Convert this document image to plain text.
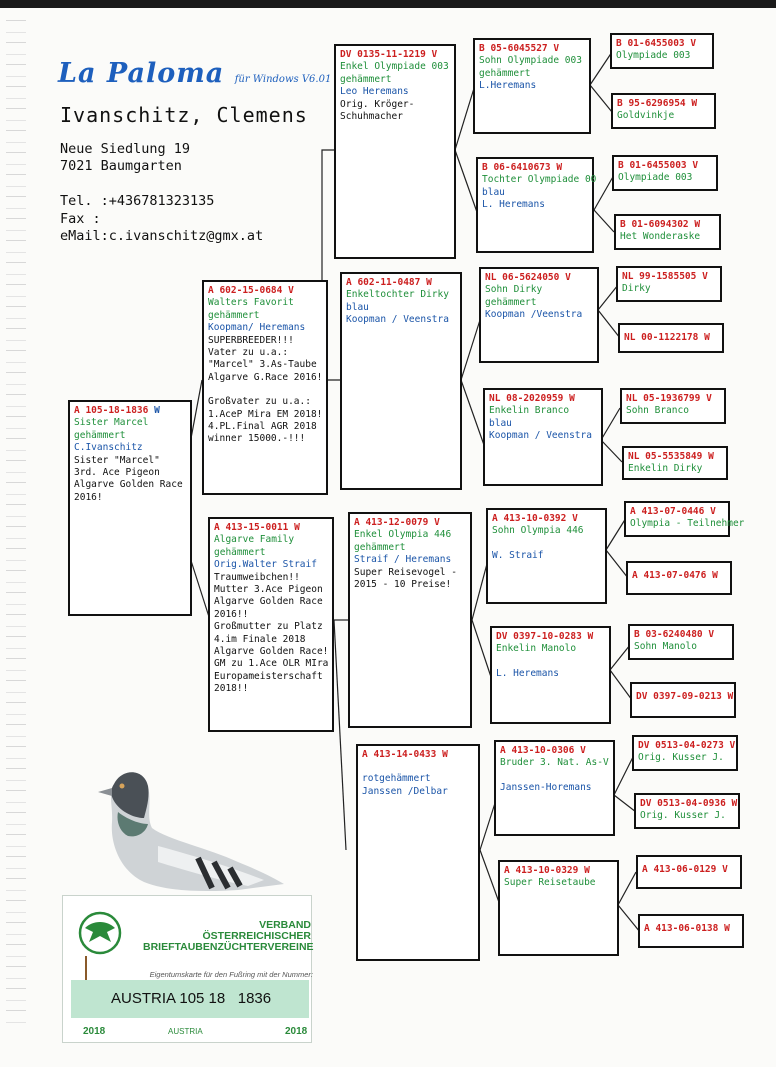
La Paloma für Windows V6.01
Ivanschitz, Clemens
Neue Siedlung 19
7021 Baumgarten
Tel. :+436781323135
Fax :
eMail:c.ivanschitz@gmx.at
A 105-18-1836 W
Sister Marcel
gehämmert
C.Ivanschitz
Sister "Marcel"
3rd. Ace Pigeon
Algarve Golden Race
2016!
A 602-15-0684 V
Walters Favorit
gehämmert
Koopman/ Heremans
SUPERBREEDER!!!
Vater zu u.a.:
"Marcel" 3.As-Taube
Algarve G.Race 2016!
Großvater zu u.a.:
1.AceP Mira EM 2018!
4.PL.Final AGR 2018
winner 15000.-!!!
A 413-15-0011 W
Algarve Family
gehämmert
Orig.Walter Straif
Traumweibchen!!
Mutter 3.Ace Pigeon
Algarve Golden Race
2016!!
Großmutter zu Platz
4.im Finale 2018
Algarve Golden Race!
GM zu 1.Ace OLR MIra
Europameisterschaft
2018!!
DV 0135-11-1219 V
Enkel Olympiade 003
gehämmert
Leo Heremans
Orig. Kröger-
Schuhmacher
A 602-11-0487 W
Enkeltochter Dirky
blau
Koopman / Veenstra
A 413-12-0079 V
Enkel Olympia 446
gehämmert
Straif / Heremans
Super Reisevogel -
2015 - 10 Preise!
A 413-14-0433 W
rotgehämmert
Janssen /Delbar
B 05-6045527 V
Sohn Olympiade 003
gehämmert
L.Heremans
B 06-6410673 W
Tochter Olympiade 00
blau
L. Heremans
NL 06-5624050 V
Sohn Dirky
gehämmert
Koopman /Veenstra
NL 08-2020959 W
Enkelin Branco
blau
Koopman / Veenstra
A 413-10-0392 V
Sohn Olympia 446
W. Straif
DV 0397-10-0283 W
Enkelin Manolo
L. Heremans
A 413-10-0306 V
Bruder 3. Nat. As-V
Janssen-Horemans
A 413-10-0329 W
Super Reisetaube
B 01-6455003 V
Olympiade 003
B 95-6296954 W
Goldvinkje
B 01-6455003 V
Olympiade 003
B 01-6094302 W
Het Wonderaske
NL 99-1585505 V
Dirky
NL 00-1122178 W
NL 05-1936799 V
Sohn Branco
NL 05-5535849 W
Enkelin Dirky
A 413-07-0446 V
Olympia - Teilnehmer
A 413-07-0476 W
B 03-6240480 V
Sohn Manolo
DV 0397-09-0213 W
DV 0513-04-0273 V
Orig. Kusser J.
DV 0513-04-0936 W
Orig. Kusser J.
A 413-06-0129 V
A 413-06-0138 W
VERBAND
ÖSTERREICHISCHER
BRIEFTAUBENZÜCHTERVEREINE
Eigentumskarte für den Fußring mit der Nummer:
AUSTRIA 105 18 1836
2018	AUSTRIA	2018
